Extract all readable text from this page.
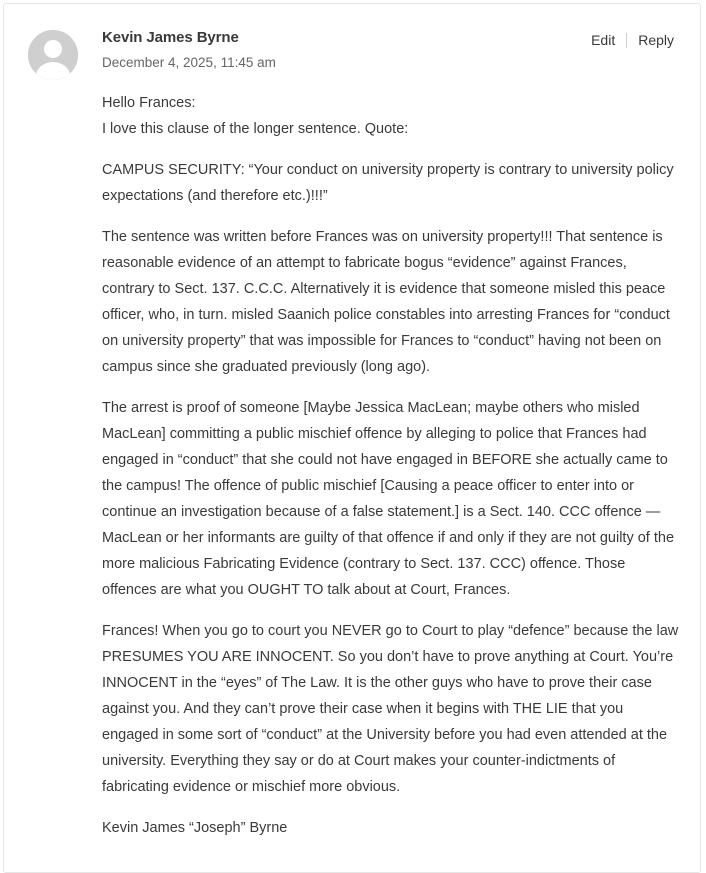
Kevin James Byrne
December 4, 2025, 11:45 am
Edit Reply

Hello Frances:
I love this clause of the longer sentence. Quote:

CAMPUS SECURITY: “Your conduct on university property is contrary to university policy expectations (and therefore etc.)!!!”

The sentence was written before Frances was on university property!!! That sentence is reasonable evidence of an attempt to fabricate bogus “evidence” against Frances, contrary to Sect. 137. C.C.C. Alternatively it is evidence that someone misled this peace officer, who, in turn. misled Saanich police constables into arresting Frances for “conduct on university property” that was impossible for Frances to “conduct” having not been on campus since she graduated previously (long ago).

The arrest is proof of someone [Maybe Jessica MacLean; maybe others who misled MacLean] committing a public mischief offence by alleging to police that Frances had engaged in “conduct” that she could not have engaged in BEFORE she actually came to the campus! The offence of public mischief [Causing a peace officer to enter into or continue an investigation because of a false statement.] is a Sect. 140. CCC offence — MacLean or her informants are guilty of that offence if and only if they are not guilty of the more malicious Fabricating Evidence (contrary to Sect. 137. CCC) offence. Those offences are what you OUGHT TO talk about at Court, Frances.

Frances! When you go to court you NEVER go to Court to play “defence” because the law PRESUMES YOU ARE INNOCENT. So you don’t have to prove anything at Court. You’re INNOCENT in the “eyes” of The Law. It is the other guys who have to prove their case against you. And they can’t prove their case when it begins with THE LIE that you engaged in some sort of “conduct” at the University before you had even attended at the university. Everything they say or do at Court makes your counter-indictments of fabricating evidence or mischief more obvious.

Kevin James “Joseph” Byrne
